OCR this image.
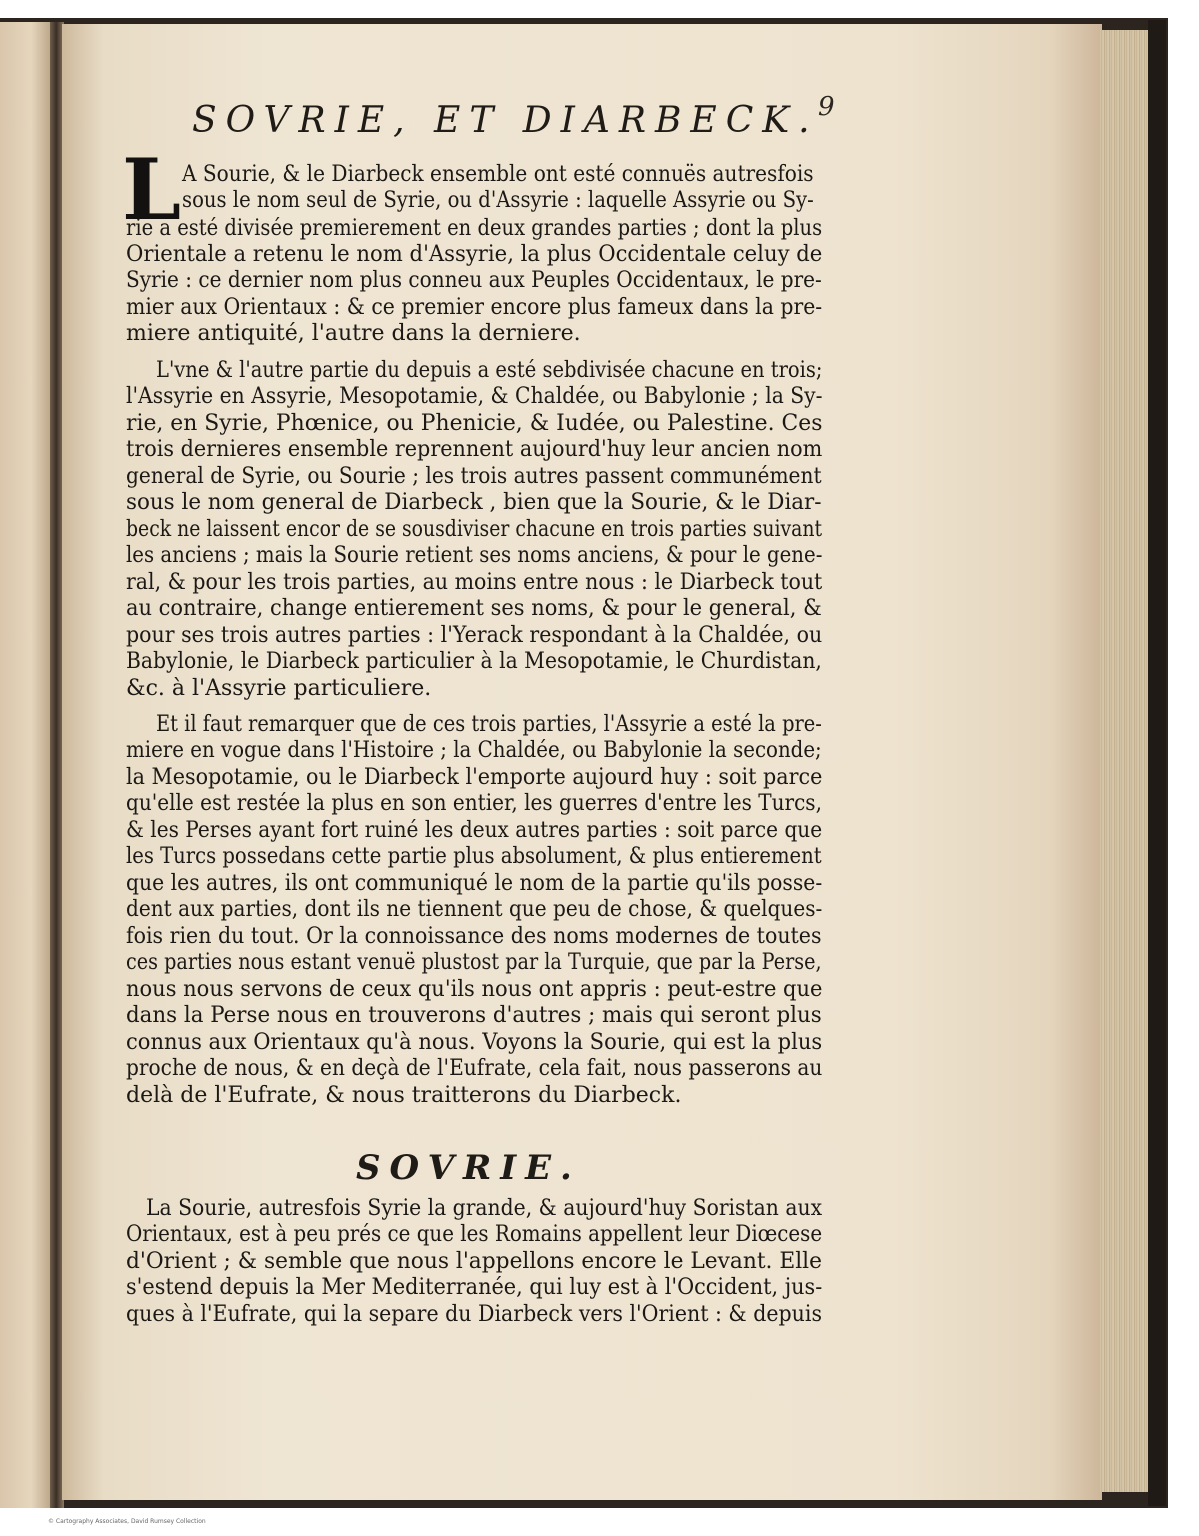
9
SOVRIE, ET DIARBECK.
L A Sourie, & le Diarbeck ensemble ont esté connuës autresfois
sous le nom seul de Syrie, ou d'Assyrie : laquelle Assyrie ou Sy-
rie a esté divisée premierement en deux grandes parties ; dont la plus
Orientale a retenu le nom d'Assyrie, la plus Occidentale celuy de
Syrie : ce dernier nom plus conneu aux Peuples Occidentaux, le pre-
mier aux Orientaux : & ce premier encore plus fameux dans la pre-
miere antiquité, l'autre dans la derniere.
L'vne & l'autre partie du depuis a esté sebdivisée chacune en trois;
l'Assyrie en Assyrie, Mesopotamie, & Chaldée, ou Babylonie ; la Sy-
rie, en Syrie, Phœnice, ou Phenicie, & Iudée, ou Palestine. Ces
trois dernieres ensemble reprennent aujourd'huy leur ancien nom
general de Syrie, ou Sourie ; les trois autres passent communément
sous le nom general de Diarbeck , bien que la Sourie, & le Diar-
beck ne laissent encor de se sousdiviser chacune en trois parties suivant
les anciens ; mais la Sourie retient ses noms anciens, & pour le gene-
ral, & pour les trois parties, au moins entre nous : le Diarbeck tout
au contraire, change entierement ses noms, & pour le general, &
pour ses trois autres parties : l'Yerack respondant à la Chaldée, ou
Babylonie, le Diarbeck particulier à la Mesopotamie, le Churdistan,
&c. à l'Assyrie particuliere.
Et il faut remarquer que de ces trois parties, l'Assyrie a esté la pre-
miere en vogue dans l'Histoire ; la Chaldée, ou Babylonie la seconde;
la Mesopotamie, ou le Diarbeck l'emporte aujourd huy : soit parce
qu'elle est restée la plus en son entier, les guerres d'entre les Turcs,
& les Perses ayant fort ruiné les deux autres parties : soit parce que
les Turcs possedans cette partie plus absolument, & plus entierement
que les autres, ils ont communiqué le nom de la partie qu'ils posse-
dent aux parties, dont ils ne tiennent que peu de chose, & quelques-
fois rien du tout. Or la connoissance des noms modernes de toutes
ces parties nous estant venuë plustost par la Turquie, que par la Perse,
nous nous servons de ceux qu'ils nous ont appris : peut-estre que
dans la Perse nous en trouverons d'autres ; mais qui seront plus
connus aux Orientaux qu'à nous. Voyons la Sourie, qui est la plus
proche de nous, & en deçà de l'Eufrate, cela fait, nous passerons au
delà de l'Eufrate, & nous traitterons du Diarbeck.
SOVRIE.
La Sourie, autresfois Syrie la grande, & aujourd'huy Soristan aux
Orientaux, est à peu prés ce que les Romains appellent leur Diœcese
d'Orient ; & semble que nous l'appellons encore le Levant. Elle
s'estend depuis la Mer Mediterranée, qui luy est à l'Occident, jus-
ques à l'Eufrate, qui la separe du Diarbeck vers l'Orient : & depuis
© Cartography Associates, David Rumsey Collection
